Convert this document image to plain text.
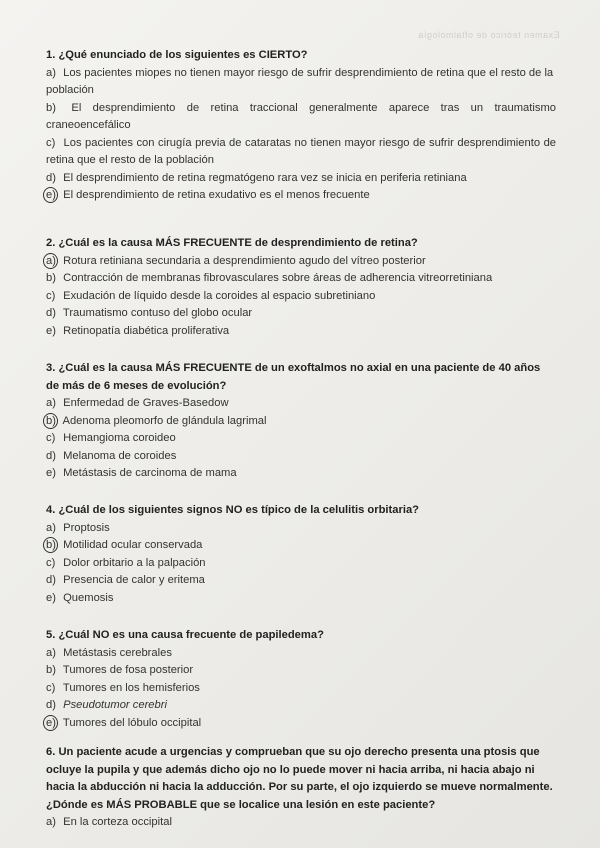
Examen teórico de oftalmología
1. ¿Qué enunciado de los siguientes es CIERTO?
a) Los pacientes miopes no tienen mayor riesgo de sufrir desprendimiento de retina que el resto de la población
b) El desprendimiento de retina traccional generalmente aparece tras un traumatismo craneoencefálico
c) Los pacientes con cirugía previa de cataratas no tienen mayor riesgo de sufrir desprendimiento de retina que el resto de la población
d) El desprendimiento de retina regmatógeno rara vez se inicia en periferia retiniana
e) El desprendimiento de retina exudativo es el menos frecuente
2. ¿Cuál es la causa MÁS FRECUENTE de desprendimiento de retina?
a) Rotura retiniana secundaria a desprendimiento agudo del vítreo posterior
b) Contracción de membranas fibrovasculares sobre áreas de adherencia vitreorretiniana
c) Exudación de líquido desde la coroides al espacio subretiniano
d) Traumatismo contuso del globo ocular
e) Retinopatía diabética proliferativa
3. ¿Cuál es la causa MÁS FRECUENTE de un exoftalmos no axial en una paciente de 40 años de más de 6 meses de evolución?
a) Enfermedad de Graves-Basedow
b) Adenoma pleomorfo de glándula lagrimal
c) Hemangioma coroideo
d) Melanoma de coroides
e) Metástasis de carcinoma de mama
4. ¿Cuál de los siguientes signos NO es típico de la celulitis orbitaria?
a) Proptosis
b) Motilidad ocular conservada
c) Dolor orbitario a la palpación
d) Presencia de calor y eritema
e) Quemosis
5. ¿Cuál NO es una causa frecuente de papiledema?
a) Metástasis cerebrales
b) Tumores de fosa posterior
c) Tumores en los hemisferios
d) Pseudotumor cerebri
e) Tumores del lóbulo occipital
6. Un paciente acude a urgencias y comprueban que su ojo derecho presenta una ptosis que ocluye la pupila y que además dicho ojo no lo puede mover ni hacia arriba, ni hacia abajo ni hacia la abducción ni hacia la adducción. Por su parte, el ojo izquierdo se mueve normalmente. ¿Dónde es MÁS PROBABLE que se localice una lesión en este paciente?
a) En la corteza occipital
